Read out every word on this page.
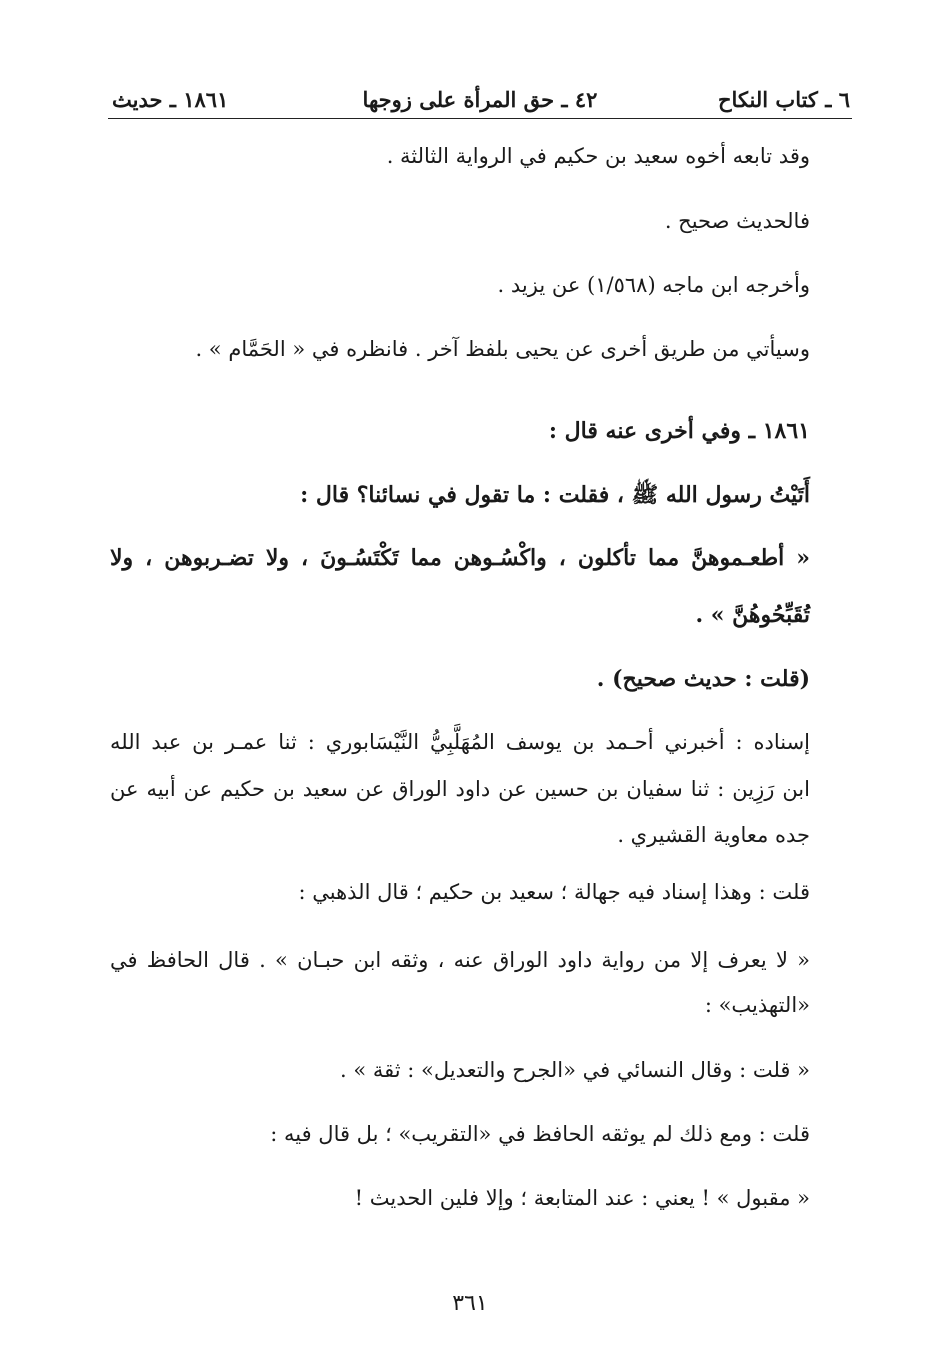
٦ ـ كتاب النكاح
٤٢ ـ حق المرأة على زوجها
١٨٦١ ـ حديث
وقد تابعه أخوه سعيد بن حكيم في الرواية الثالثة .
فالحديث صحيح .
وأخرجه ابن ماجه (١/٥٦٨) عن يزيد .
وسيأتي من طريق أخرى عن يحيى بلفظ آخر . فانظره في « الحَمَّام » .
١٨٦١ ـ وفي أخرى عنه قال :
أَتَيْتُ رسول الله ﷺ ، فقلت : ما تقول في نسائنا؟ قال :
« أطعـموهنَّ مما تأكلون ، واكْسُـوهن مما تَكْتَسُـونَ ، ولا تضـربوهن ، ولا
تُقَبِّحُوهُنَّ » .
(قلت : حديث صحيح) .
إسناده : أخبرني أحـمد بن يوسف المُهَلَّبِيُّ النَّيْسَابوري : ثنا عمـر بن عبد الله
ابن رَزِين : ثنا سفيان بن حسين عن داود الوراق عن سعيد بن حكيم عن أبيه عن
جده معاوية القشيري .
قلت : وهذا إسناد فيه جهالة ؛ سعيد بن حكيم ؛ قال الذهبي :
« لا يعرف إلا من رواية داود الوراق عنه ، وثقه ابن حبـان » . قال الحافظ في
«التهذيب» :
« قلت : وقال النسائي في «الجرح والتعديل» : ثقة » .
قلت : ومع ذلك لم يوثقه الحافظ في «التقريب» ؛ بل قال فيه :
« مقبول » ! يعني : عند المتابعة ؛ وإلا فلين الحديث !
٣٦١
